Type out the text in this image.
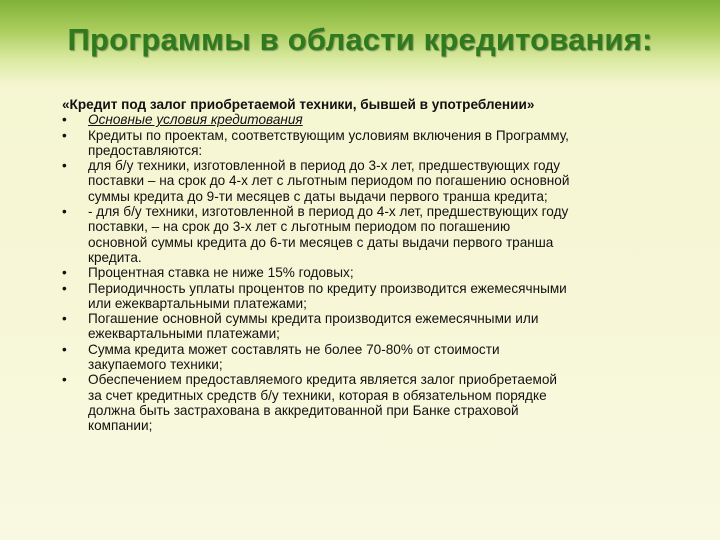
Программы в области кредитования:
«Кредит под залог приобретаемой техники, бывшей в употреблении»
• Основные условия кредитования
• Кредиты по проектам, соответствующим условиям включения в Программу,
предоставляются:
• для б/у техники, изготовленной в период до 3-х лет, предшествующих году
поставки – на срок до 4-х лет с льготным периодом по погашению основной
суммы кредита до 9-ти месяцев с даты выдачи первого транша кредита;
• - для б/у техники, изготовленной в период до 4-х лет, предшествующих году
поставки, – на срок до 3-х лет с льготным периодом по погашению
основной суммы кредита до 6-ти месяцев с даты выдачи первого транша
кредита.
• Процентная ставка не ниже 15% годовых;
• Периодичность уплаты процентов по кредиту производится ежемесячными
или ежеквартальными платежами;
• Погашение основной суммы кредита производится ежемесячными или
ежеквартальными платежами;
• Сумма кредита может составлять не более 70-80% от стоимости
закупаемого техники;
• Обеспечением предоставляемого кредита является залог приобретаемой
за счет кредитных средств б/у техники, которая в обязательном порядке
должна быть застрахована в аккредитованной при Банке страховой
компании;
